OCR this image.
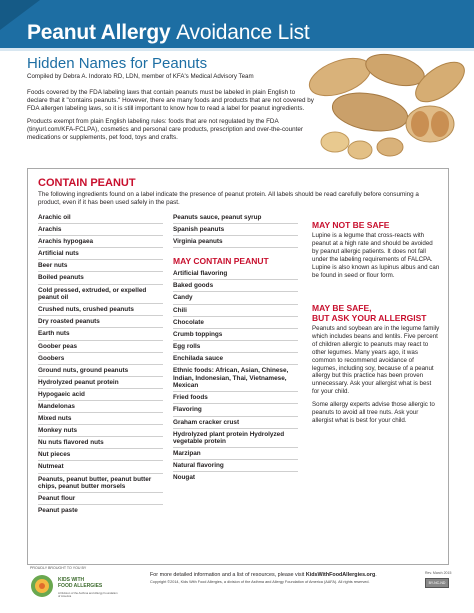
Peanut Allergy Avoidance List
Hidden Names for Peanuts
Compiled by Debra A. Indorato RD, LDN, member of KFA's Medical Advisory Team

Foods covered by the FDA labeling laws that contain peanuts must be labeled in plain English to declare that it "contains peanuts." However, there are many foods and products that are not covered by FDA allergen labeling laws, so it is still important to know how to read a label for peanut ingredients.

Products exempt from plain English labeling rules: foods that are not regulated by the FDA (tinyurl.com/KFA-FCLPA), cosmetics and personal care products, prescription and over-the-counter medications or supplements, pet food, toys and crafts.

CONTAIN PEANUT
The following ingredients found on a label indicate the presence of peanut protein. All labels should be read carefully before consuming a product, even if it has been used safely in the past.
Arachic oil
Arachis
Arachis hypogaea
Artificial nuts
Beer nuts
Boiled peanuts
Cold pressed, extruded, or expelled peanut oil
Crushed nuts, crushed peanuts
Dry roasted peanuts
Earth nuts
Goober peas
Goobers
Ground nuts, ground peanuts
Hydrolyzed peanut protein
Hypogaeic acid
Mandelonas
Mixed nuts
Monkey nuts
Nu nuts flavored nuts
Nut pieces
Nutmeat
Peanuts, peanut butter, peanut butter chips, peanut butter morsels
Peanut flour
Peanut paste
Peanuts sauce, peanut syrup
Spanish peanuts
Virginia peanuts
MAY CONTAIN PEANUT
Artificial flavoring
Baked goods
Candy
Chili
Chocolate
Crumb toppings
Egg rolls
Enchilada sauce
Ethnic foods: African, Asian, Chinese, Indian, Indonesian, Thai, Vietnamese, Mexican
Fried foods
Flavoring
Graham cracker crust
Hydrolyzed plant protein Hydrolyzed vegetable protein
Marzipan
Natural flavoring
Nougat
MAY NOT BE SAFE
Lupine is a legume that cross-reacts with peanut at a high rate and should be avoided by peanut allergic patients. It does not fall under the labeling requirements of FALCPA. Lupine is also known as lupinus albus and can be found in seed or flour form.
MAY BE SAFE,
BUT ASK YOUR ALLERGIST

Peanuts and soybean are in the legume family which includes beans and lentils. Five percent of children allergic to peanuts may react to other legumes. Many years ago, it was common to recommend avoidance of legumes, including soy, because of a peanut allergy but this practice has been proven unnecessary. Ask your allergist what is best for your child.

Some allergy experts advise those allergic to peanuts to avoid all tree nuts. Ask your allergist what is best for your child.

PROUDLY BROUGHT TO YOU BY
KIDS WITH
FOOD ALLERGIES
A Division of the Asthma and Allergy Foundation of America
For more detailed information and a list of resources, please visit KidsWithFoodAllergies.org.
Copyright ©2014, Kids With Food Allergies, a division of the Asthma and Allergy Foundation of America (AAFA). All rights reserved.
Rev. March 2015
BY-NC-ND
